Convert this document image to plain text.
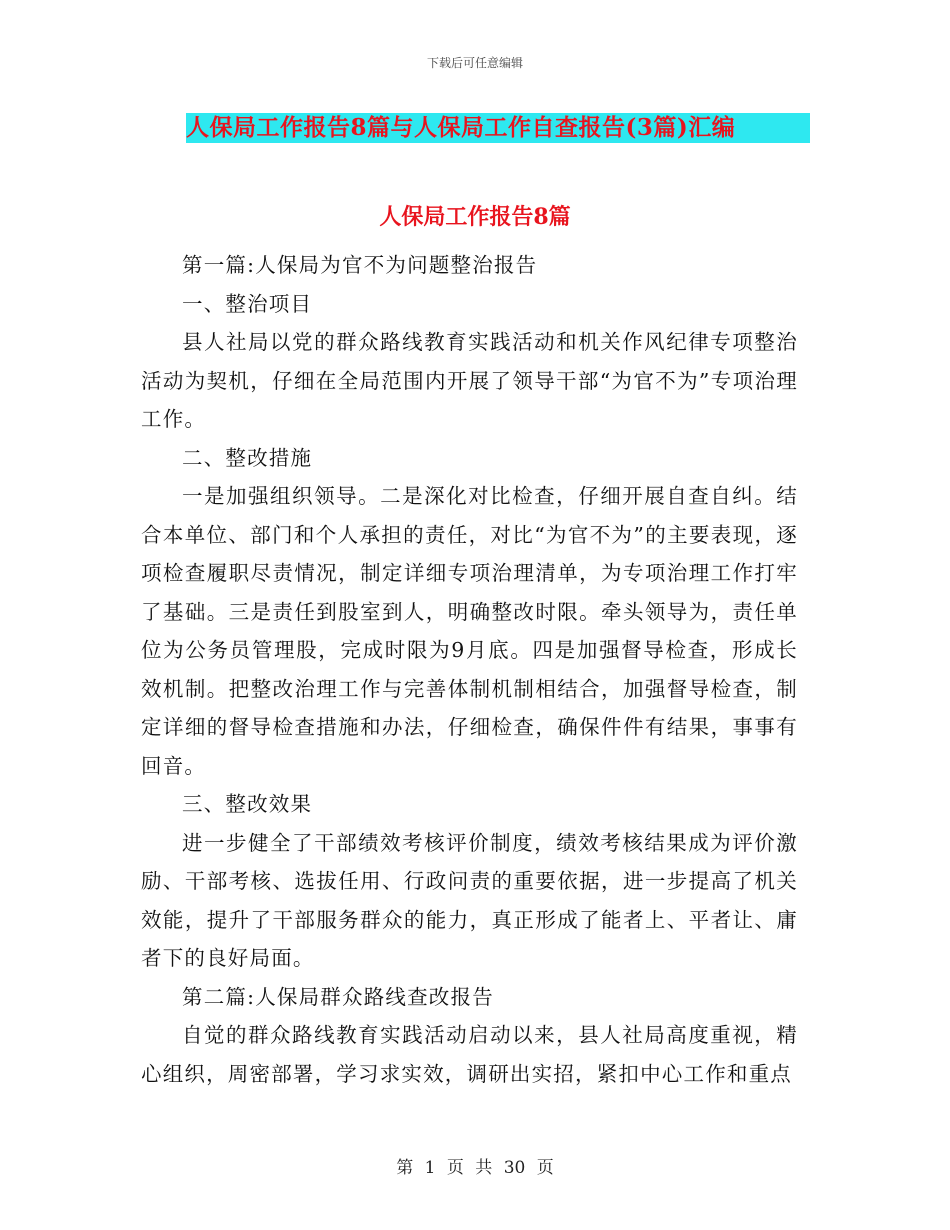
下载后可任意编辑
人保局工作报告8篇与人保局工作自查报告(3篇)汇编
人保局工作报告8篇

第一篇:人保局为官不为问题整治报告

一、整治项目

县人社局以党的群众路线教育实践活动和机关作风纪律专项整治活动为契机，仔细在全局范围内开展了领导干部“为官不为”专项治理工作。

二、整改措施

一是加强组织领导。二是深化对比检查，仔细开展自查自纠。结合本单位、部门和个人承担的责任，对比“为官不为”的主要表现，逐项检查履职尽责情况，制定详细专项治理清单，为专项治理工作打牢了基础。三是责任到股室到人，明确整改时限。牵头领导为，责任单位为公务员管理股，完成时限为9月底。四是加强督导检查，形成长效机制。把整改治理工作与完善体制机制相结合，加强督导检查，制定详细的督导检查措施和办法，仔细检查，确保件件有结果，事事有回音。

三、整改效果

进一步健全了干部绩效考核评价制度，绩效考核结果成为评价激励、干部考核、选拔任用、行政问责的重要依据，进一步提高了机关效能，提升了干部服务群众的能力，真正形成了能者上、平者让、庸者下的良好局面。

第二篇:人保局群众路线查改报告

自觉的群众路线教育实践活动启动以来，县人社局高度重视，精心组织，周密部署，学习求实效，调研出实招，紧扣中心工作和重点

第 1 页 共 30 页
